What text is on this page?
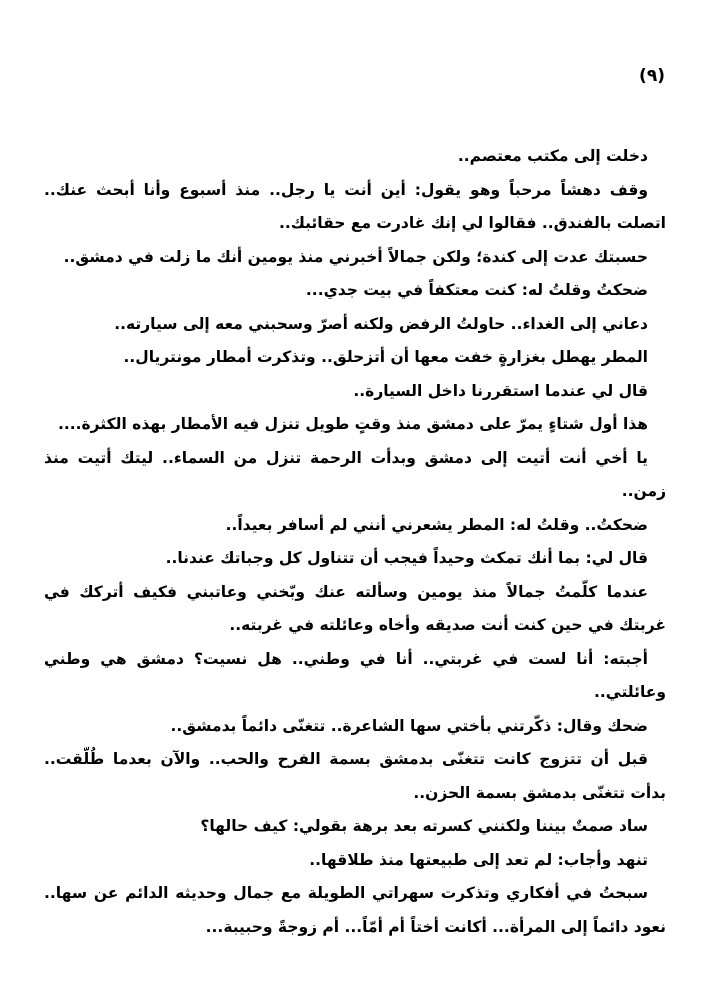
(٩)

دخلت إلى مكتب معتصم..

وقف دهشاً مرحباً وهو يقول: أين أنت يا رجل.. منذ أسبوع وأنا أبحث عنك.. اتصلت بالفندق.. فقالوا لي إنك غادرت مع حقائبك..

حسبتك عدت إلى كندة؛ ولكن جمالاً أخبرني منذ يومين أنك ما زلت في دمشق..

ضحكتُ وقلتُ له: كنت معتكفاً في بيت جدي...

دعاني إلى الغداء.. حاولتُ الرفض ولكنه أصرّ وسحبني معه إلى سيارته..

المطر يهطل بغزارةٍ خفت معها أن أتزحلق.. وتذكرت أمطار مونتريال..

قال لي عندما استقررنا داخل السيارة..

هذا أول شتاءٍ يمرّ على دمشق منذ وقتٍ طويل تنزل فيه الأمطار بهذه الكثرة....

يا أخي أنت أتيت إلى دمشق وبدأت الرحمة تنزل من السماء.. ليتك أتيت منذ زمن..

ضحكتُ.. وقلتُ له: المطر يشعرني أنني لم أسافر بعيداً..

قال لي: بما أنك تمكث وحيداً فيجب أن تتناول كل وجباتك عندنا..

عندما كلّمتُ جمالاً منذ يومين وسألته عنك وبّخني وعاتبني فكيف أتركك في غربتك في حين كنت أنت صديقه وأخاه وعائلته في غربته..

أجبته: أنا لست في غربتي.. أنا في وطني.. هل نسيت؟ دمشق هي وطني وعائلتي..

ضحك وقال: ذكّرتني بأختي سها الشاعرة.. تتغنّى دائماً بدمشق..

قبل أن تتزوج كانت تتغنّى بدمشق بسمة الفرح والحب.. والآن بعدما طُلّقت.. بدأت تتغنّى بدمشق بسمة الحزن..

ساد صمتٌ بيننا ولكنني كسرته بعد برهة بقولي: كيف حالها؟

تنهد وأجاب: لم تعد إلى طبيعتها منذ طلاقها..

سبحتُ في أفكاري وتذكرت سهراتي الطويلة مع جمال وحديثه الدائم عن سها.. نعود دائماً إلى المرأة... أكانت أختاً أم أمّاً... أم زوجةً وحبيبة...
